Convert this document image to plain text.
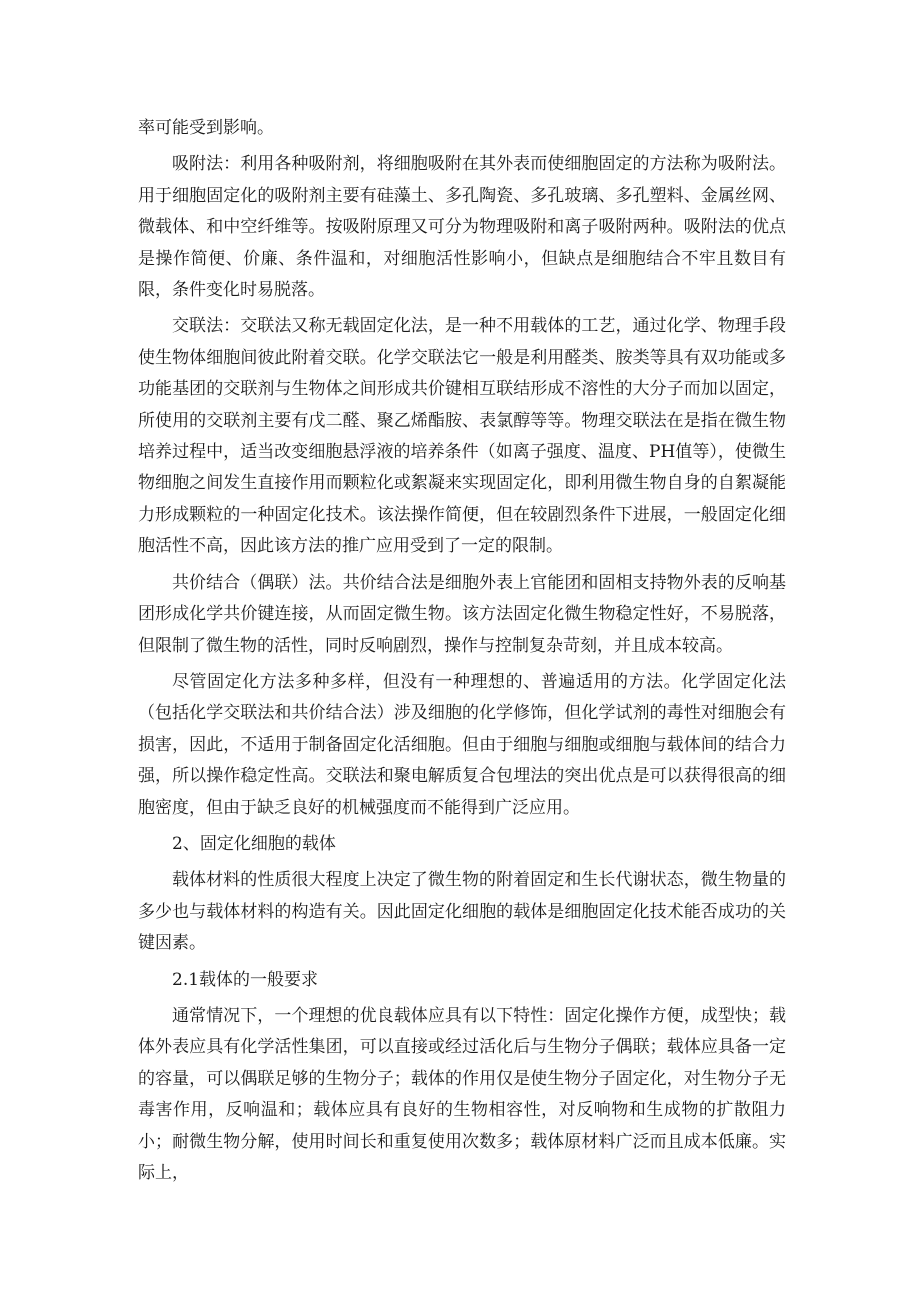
率可能受到影响。

吸附法：利用各种吸附剂，将细胞吸附在其外表而使细胞固定的方法称为吸附法。用于细胞固定化的吸附剂主要有硅藻土、多孔陶瓷、多孔玻璃、多孔塑料、金属丝网、微载体、和中空纤维等。按吸附原理又可分为物理吸附和离子吸附两种。吸附法的优点是操作简便、价廉、条件温和，对细胞活性影响小，但缺点是细胞结合不牢且数目有限，条件变化时易脱落。

交联法：交联法又称无载固定化法，是一种不用载体的工艺，通过化学、物理手段使生物体细胞间彼此附着交联。化学交联法它一般是利用醛类、胺类等具有双功能或多功能基团的交联剂与生物体之间形成共价键相互联结形成不溶性的大分子而加以固定，所使用的交联剂主要有戊二醛、聚乙烯酯胺、表氯醇等等。物理交联法在是指在微生物培养过程中，适当改变细胞悬浮液的培养条件（如离子强度、温度、PH值等），使微生物细胞之间发生直接作用而颗粒化或絮凝来实现固定化，即利用微生物自身的自絮凝能力形成颗粒的一种固定化技术。该法操作简便，但在较剧烈条件下进展，一般固定化细胞活性不高，因此该方法的推广应用受到了一定的限制。

共价结合（偶联）法。共价结合法是细胞外表上官能团和固相支持物外表的反响基团形成化学共价键连接，从而固定微生物。该方法固定化微生物稳定性好，不易脱落，但限制了微生物的活性，同时反响剧烈，操作与控制复杂苛刻，并且成本较高。

尽管固定化方法多种多样，但没有一种理想的、普遍适用的方法。化学固定化法（包括化学交联法和共价结合法）涉及细胞的化学修饰，但化学试剂的毒性对细胞会有损害，因此，不适用于制备固定化活细胞。但由于细胞与细胞或细胞与载体间的结合力强，所以操作稳定性高。交联法和聚电解质复合包埋法的突出优点是可以获得很高的细胞密度，但由于缺乏良好的机械强度而不能得到广泛应用。

2、固定化细胞的载体

载体材料的性质很大程度上决定了微生物的附着固定和生长代谢状态，微生物量的多少也与载体材料的构造有关。因此固定化细胞的载体是细胞固定化技术能否成功的关键因素。

2.1载体的一般要求

通常情况下，一个理想的优良载体应具有以下特性：固定化操作方便，成型快；载体外表应具有化学活性集团，可以直接或经过活化后与生物分子偶联；载体应具备一定的容量，可以偶联足够的生物分子；载体的作用仅是使生物分子固定化，对生物分子无毒害作用，反响温和；载体应具有良好的生物相容性，对反响物和生成物的扩散阻力小；耐微生物分解，使用时间长和重复使用次数多；载体原材料广泛而且成本低廉。实际上，
